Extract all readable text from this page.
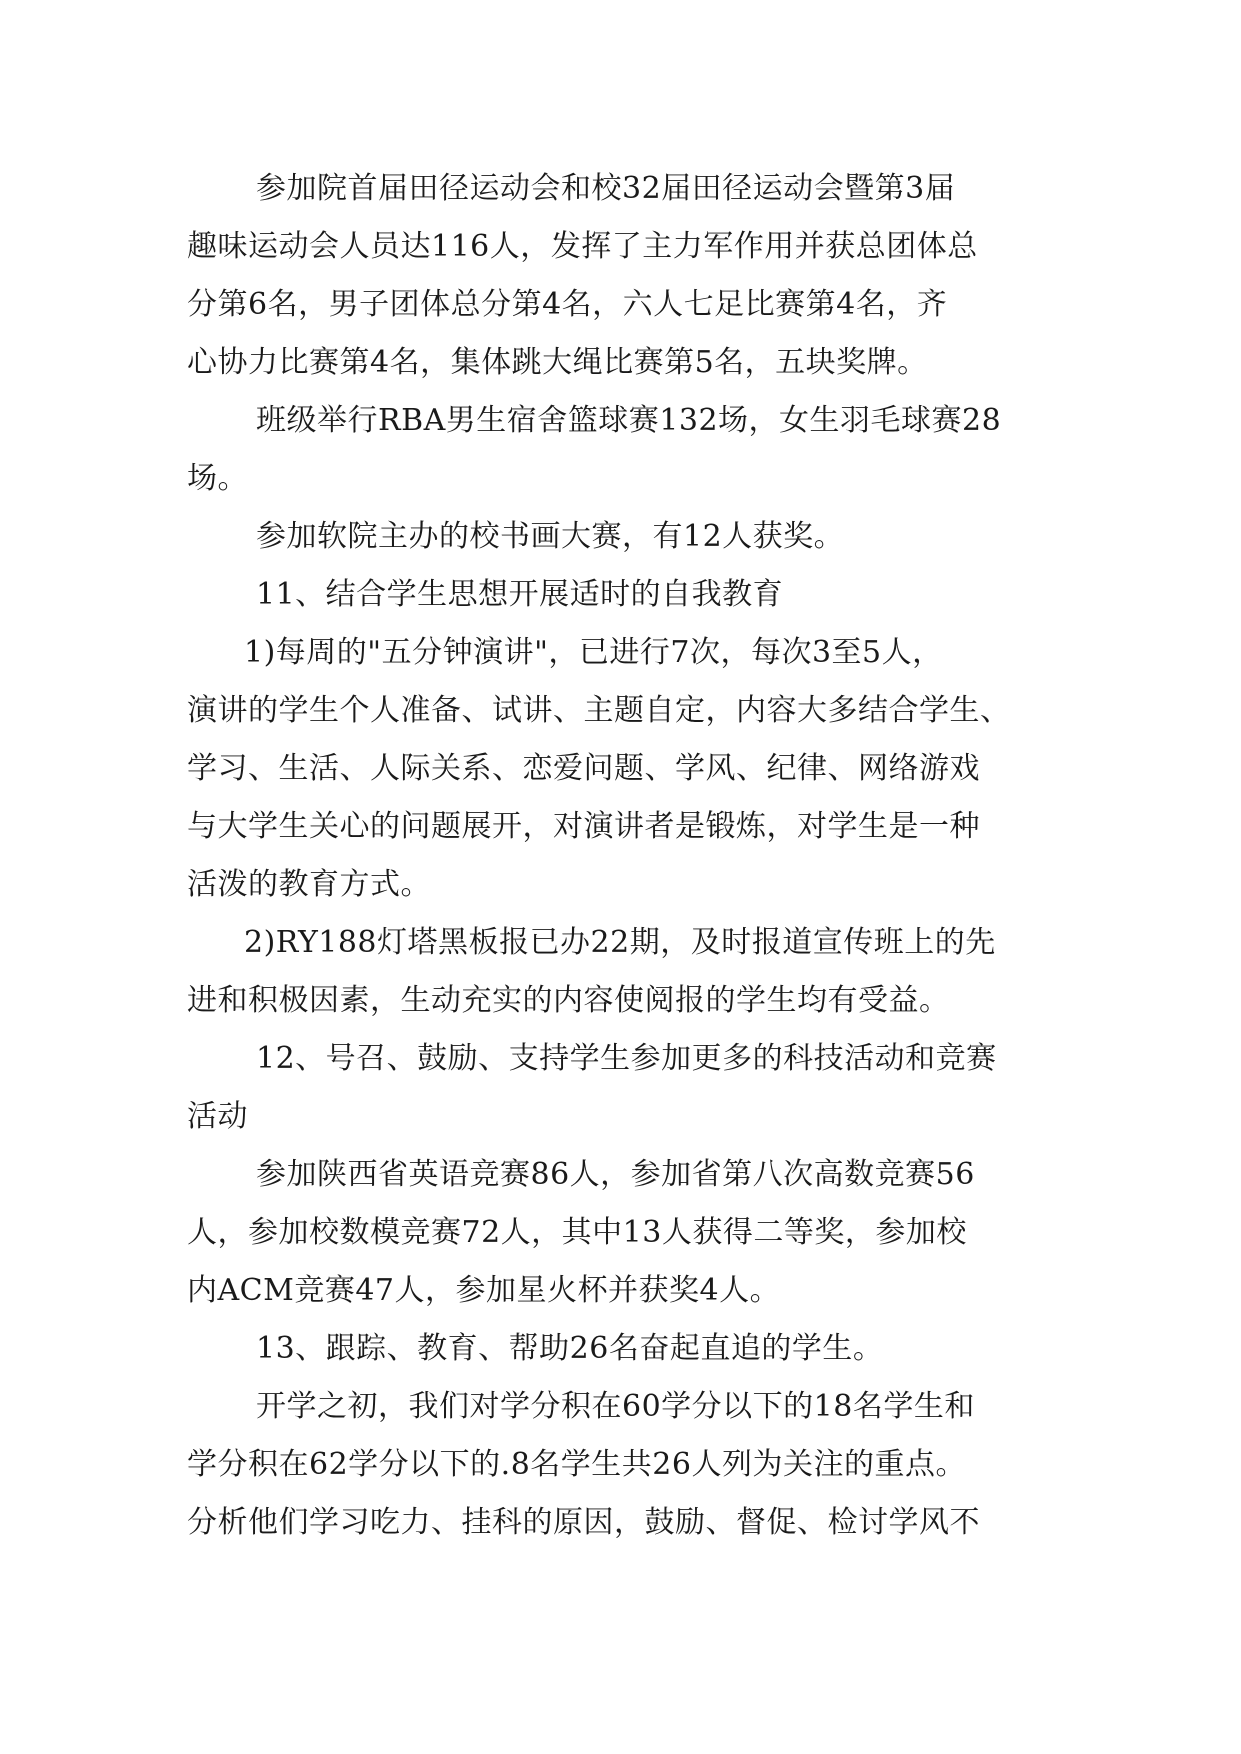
参加院首届田径运动会和校32届田径运动会暨第3届
趣味运动会人员达116人，发挥了主力军作用并获总团体总
分第6名，男子团体总分第4名，六人七足比赛第4名，齐
心协力比赛第4名，集体跳大绳比赛第5名，五块奖牌。
班级举行RBA男生宿舍篮球赛132场，女生羽毛球赛28
场。
参加软院主办的校书画大赛，有12人获奖。
11、结合学生思想开展适时的自我教育
1)每周的"五分钟演讲"，已进行7次，每次3至5人，
演讲的学生个人准备、试讲、主题自定，内容大多结合学生、
学习、生活、人际关系、恋爱问题、学风、纪律、网络游戏
与大学生关心的问题展开，对演讲者是锻炼，对学生是一种
活泼的教育方式。
2)RY188灯塔黑板报已办22期，及时报道宣传班上的先
进和积极因素，生动充实的内容使阅报的学生均有受益。
12、号召、鼓励、支持学生参加更多的科技活动和竞赛
活动
参加陕西省英语竞赛86人，参加省第八次高数竞赛56
人，参加校数模竞赛72人，其中13人获得二等奖，参加校
内ACM竞赛47人，参加星火杯并获奖4人。
13、跟踪、教育、帮助26名奋起直追的学生。
开学之初，我们对学分积在60学分以下的18名学生和
学分积在62学分以下的.8名学生共26人列为关注的重点。
分析他们学习吃力、挂科的原因，鼓励、督促、检讨学风不
